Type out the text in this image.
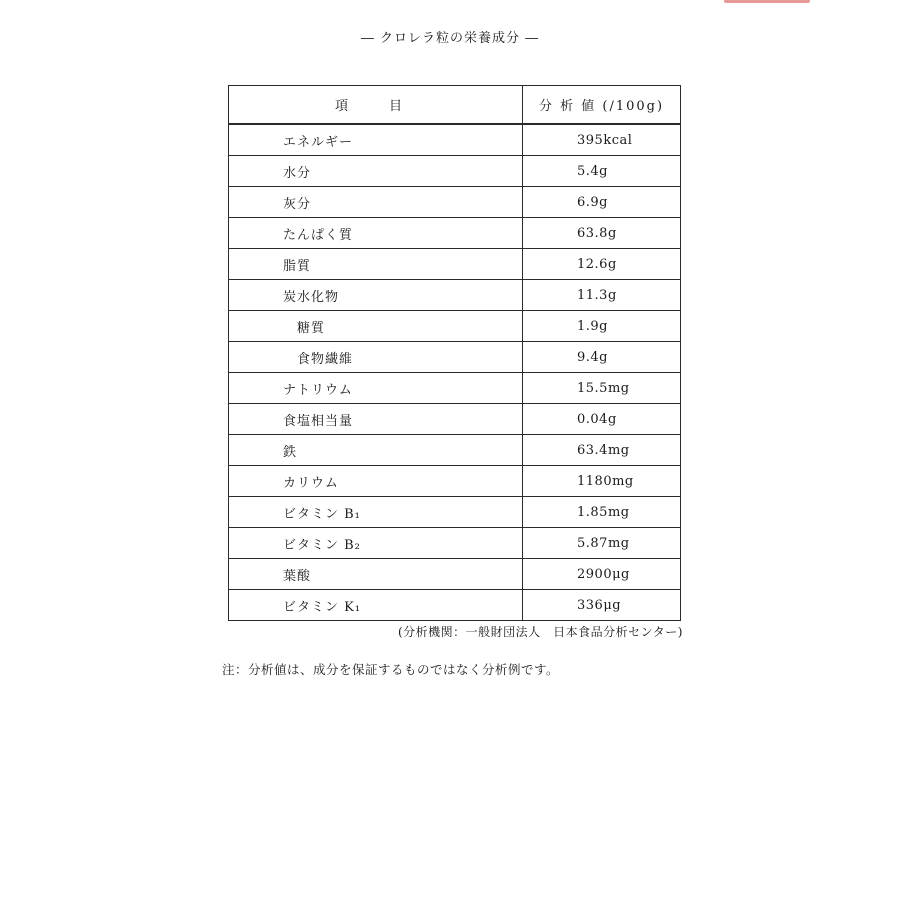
― クロレラ粒の栄養成分 ―
項　目	分 析 値 (/100g)
エネルギー	395kcal
水分	5.4g
灰分	6.9g
たんぱく質	63.8g
脂質	12.6g
炭水化物	11.3g
糖質	1.9g
食物繊維	9.4g
ナトリウム	15.5mg
食塩相当量	0.04g
鉄	63.4mg
カリウム	1180mg
ビタミン B₁	1.85mg
ビタミン B₂	5.87mg
葉酸	2900μg
ビタミン K₁	336μg
(分析機関：一般財団法人　日本食品分析センター)
注：分析値は、成分を保証するものではなく分析例です。
